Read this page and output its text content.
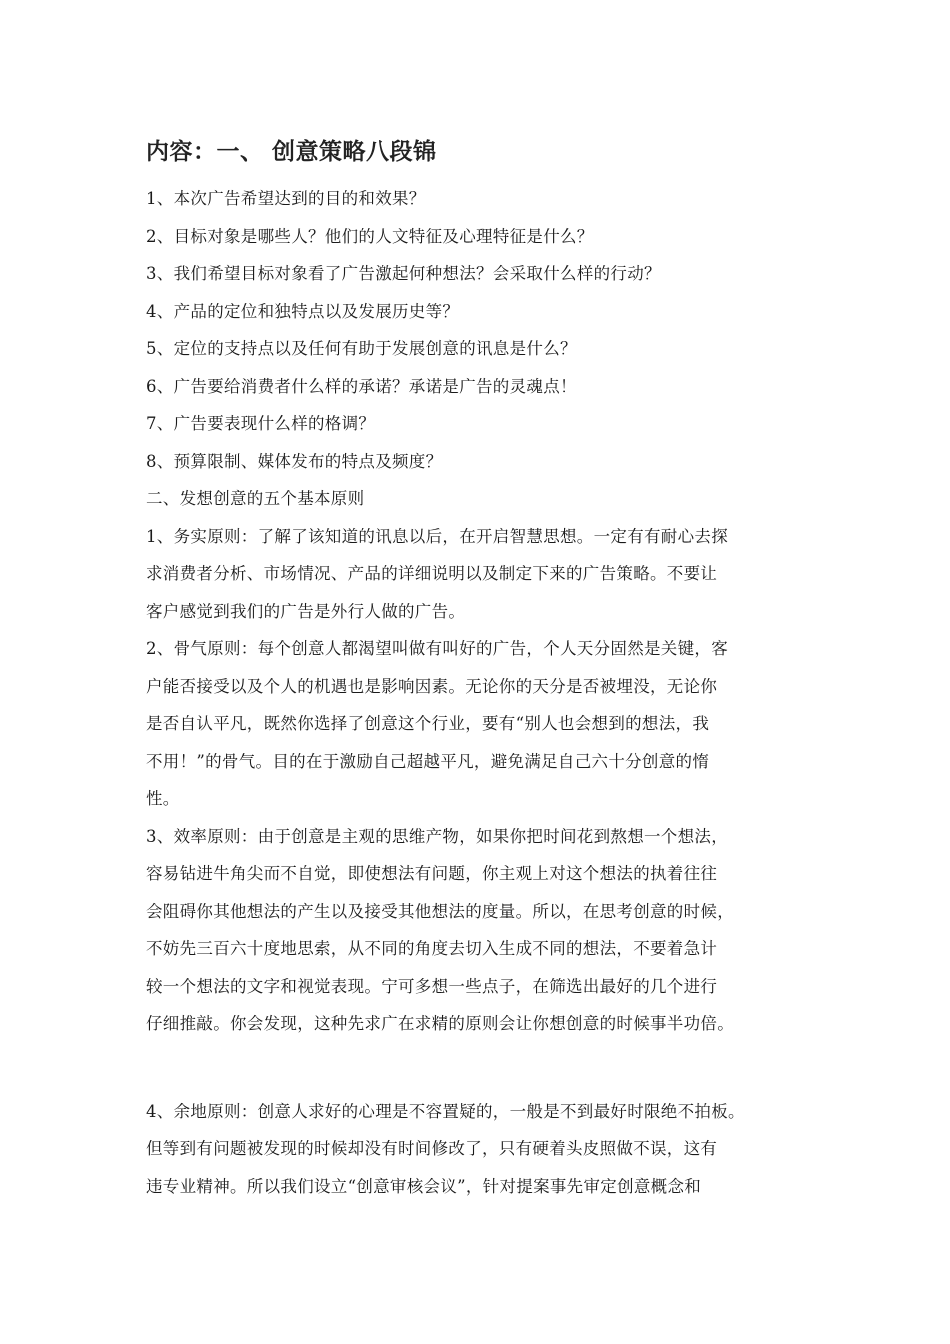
内容：一、 创意策略八段锦
1、本次广告希望达到的目的和效果？
2、目标对象是哪些人？他们的人文特征及心理特征是什么？
3、我们希望目标对象看了广告激起何种想法？会采取什么样的行动？
4、产品的定位和独特点以及发展历史等？
5、定位的支持点以及任何有助于发展创意的讯息是什么？
6、广告要给消费者什么样的承诺？承诺是广告的灵魂点！
7、广告要表现什么样的格调？
8、预算限制、媒体发布的特点及频度？
二、发想创意的五个基本原则
1、务实原则：了解了该知道的讯息以后，在开启智慧思想。一定有有耐心去探
求消费者分析、市场情况、产品的详细说明以及制定下来的广告策略。不要让
客户感觉到我们的广告是外行人做的广告。
2、骨气原则：每个创意人都渴望叫做有叫好的广告，个人天分固然是关键，客
户能否接受以及个人的机遇也是影响因素。无论你的天分是否被埋没，无论你
是否自认平凡，既然你选择了创意这个行业，要有“别人也会想到的想法，我
不用！”的骨气。目的在于激励自己超越平凡，避免满足自己六十分创意的惰
性。
3、效率原则：由于创意是主观的思维产物，如果你把时间花到熬想一个想法，
容易钻进牛角尖而不自觉，即使想法有问题，你主观上对这个想法的执着往往
会阻碍你其他想法的产生以及接受其他想法的度量。所以，在思考创意的时候，
不妨先三百六十度地思索，从不同的角度去切入生成不同的想法，不要着急计
较一个想法的文字和视觉表现。宁可多想一些点子，在筛选出最好的几个进行
仔细推敲。你会发现，这种先求广在求精的原则会让你想创意的时候事半功倍。
4、余地原则：创意人求好的心理是不容置疑的，一般是不到最好时限绝不拍板。
但等到有问题被发现的时候却没有时间修改了，只有硬着头皮照做不误，这有
违专业精神。所以我们设立“创意审核会议”，针对提案事先审定创意概念和
